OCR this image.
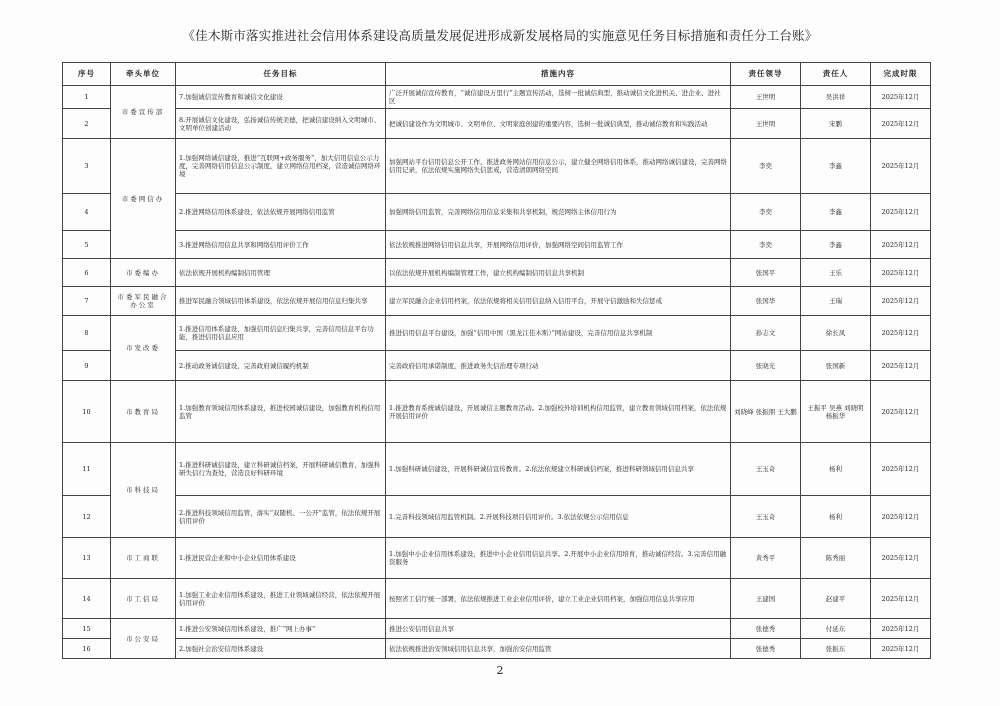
《佳木斯市落实推进社会信用体系建设高质量发展促进形成新发展格局的实施意见任务目标措施和责任分工台账》
序号	牵头单位	任务目标	措施内容	责任领导	责任人	完成时限
1	市委宣传部	7.加强诚信宣传教育和诚信文化建设	广泛开展诚信宣传教育，“诚信建设万里行”主题宣传活动，选树一批诚信典型，推动诚信文化进机关、进企业、进社区	王世明	吴洪祥	2025年12月
2		8.开展诚信文化建设，弘扬诚信传统美德，把诚信建设纳入文明城市、文明单位创建活动	把诚信建设作为文明城市、文明单位、文明家庭创建的重要内容，选树一批诚信典型，推动诚信教育和实践活动	王世明	宋鹏	2025年12月
3	市委网信办	1.加强网络诚信建设，推进“互联网+政务服务”，加大信用信息公示力度，完善网络信用信息公示制度，建立网络信用档案，营造诚信网络环境	加强网站平台信用信息公开工作，推进政务网站信用信息公示，建立健全网络信用体系，推动网络诚信建设，完善网络信用记录，依法依规实施网络失信惩戒，营造清朗网络空间	李奕	李鑫	2025年12月
4		2.推进网络信用体系建设，依法依规开展网络信用监管	加强网络信用监管，完善网络信用信息采集和共享机制，规范网络主体信用行为	李奕	李鑫	2025年12月
5		3.推进网络信用信息共享和网络信用评价工作	依法依规推进网络信用信息共享，开展网络信用评价，加强网络空间信用监管工作	李奕	李鑫	2025年12月
6	市委编办	依法依规开展机构编制信用管理	以依法依规开展机构编制管理工作，建立机构编制信用信息共享机制	张国平	王乐	2025年12月
7	市委军民融合办公室	推进军民融合领域信用体系建设，依法依规开展信用信息归集共享	建立军民融合企业信用档案，依法依规将相关信用信息纳入信用平台，开展守信激励和失信惩戒	张国华	王瑞	2025年12月
8	市发改委	1.推进信用体系建设，加强信用信息归集共享，完善信用信息平台功能，推进信用信息应用	推进信用信息平台建设，加强“信用中国（黑龙江佳木斯）”网站建设，完善信用信息共享机制	孙志文	徐长凤	2025年12月
9		2.推动政务诚信建设，完善政府诚信履约机制	完善政府信用承诺制度，推进政务失信治理专项行动	张晓光	张国新	2025年12月
10	市教育局	1.加强教育领域信用体系建设，推进校园诚信建设，加强教育机构信用监管	1.推进教育系统诚信建设，开展诚信主题教育活动。2.加强校外培训机构信用监管，建立教育领域信用档案，依法依规开展信用评价	刘晓峰 张振朋 王大鹏	王振平 吴燕 刘晓明 杨振华	2025年12月
11	市科技局	1.推进科研诚信建设，建立科研诚信档案，开展科研诚信教育，加强科研失信行为查处，营造良好科研环境	1.加强科研诚信建设，开展科研诚信宣传教育。2.依法依规建立科研诚信档案，推进科研领域信用信息共享	王玉奇	杨利	2025年12月
12		2.推进科技领域信用监管，落实“双随机、一公开”监管，依法依规开展信用评价	1.完善科技领域信用监管机制。2.开展科技项目信用评价。3.依法依规公示信用信息	王玉奇	杨利	2025年12月
13	市工商联	1.推进民营企业和中小企业信用体系建设	1.加强中小企业信用体系建设，推进中小企业信用信息共享。2.开展中小企业信用培育，推动诚信经营。3.完善信用融资服务	黄秀平	陈秀丽	2025年12月
14	市工信局	1.加强工业企业信用体系建设，推进工业领域诚信经营，依法依规开展信用评价	按照省工信厅统一部署，依法依规推进工业企业信用评价，建立工业企业信用档案，加强信用信息共享应用	王建国	赵建平	2025年12月
15	市公安局	1.推进公安领域信用体系建设，推广“网上办事”	推进公安信用信息共享	张德秀	付延东	2025年12月
16		2.加强社会治安信用体系建设	依法依规推进治安领域信用信息共享，加强治安信用监管	张德秀	张振东	2025年12月
2
